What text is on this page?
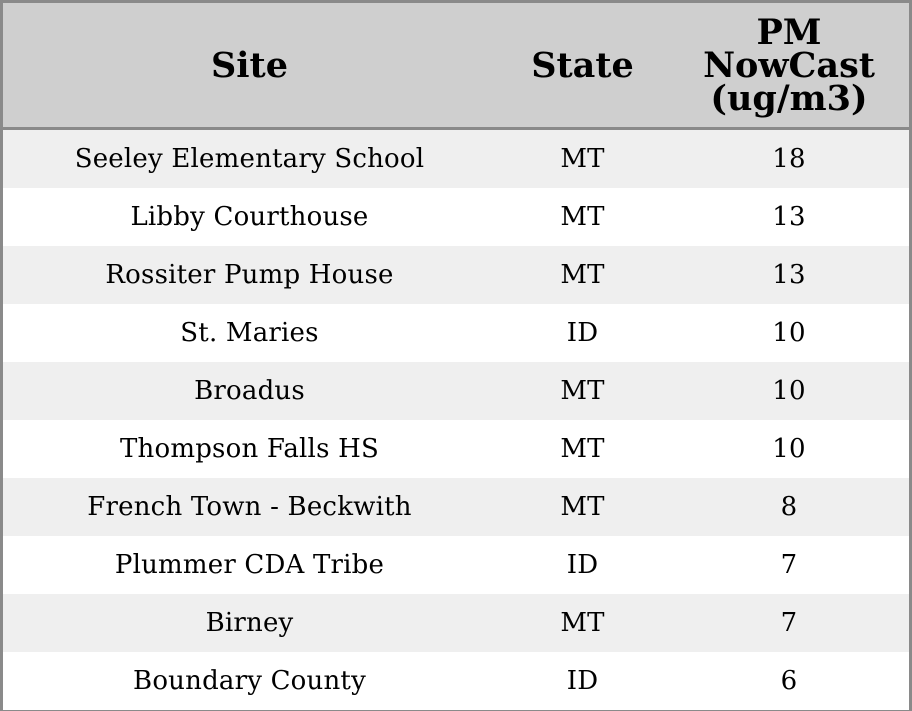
Site	State	PM
NowCast
(ug/m3)

Seeley Elementary School	MT	18
Libby Courthouse	MT	13
Rossiter Pump House	MT	13
St. Maries	ID	10
Broadus	MT	10
Thompson Falls HS	MT	10
French Town - Beckwith	MT	8
Plummer CDA Tribe	ID	7
Birney	MT	7
Boundary County	ID	6
